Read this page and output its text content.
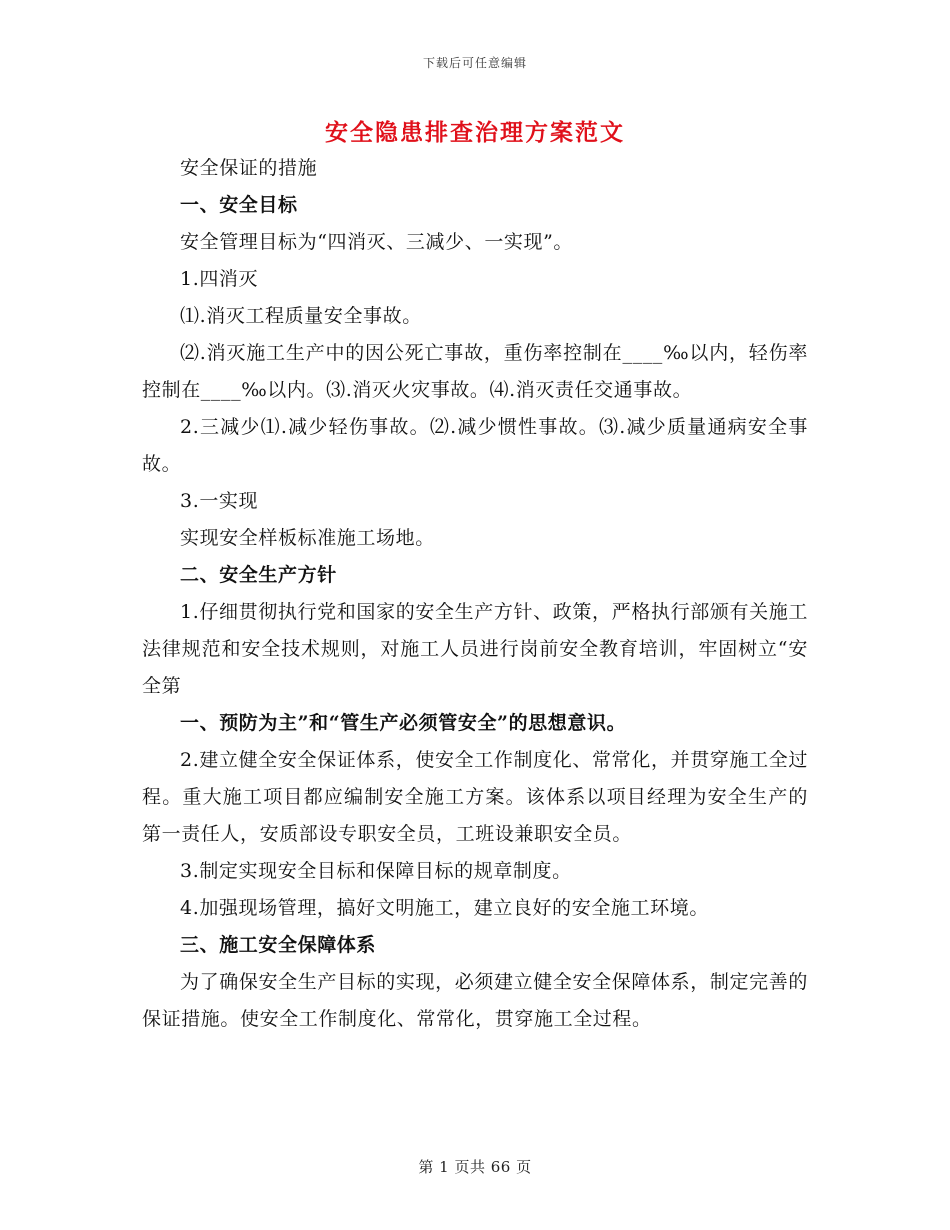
下载后可任意编辑
安全隐患排查治理方案范文

安全保证的措施

一、安全目标

安全管理目标为“四消灭、三减少、一实现”。

1.四消灭

⑴.消灭工程质量安全事故。

⑵.消灭施工生产中的因公死亡事故，重伤率控制在____‰以内，轻伤率控制在____‰以内。⑶.消灭火灾事故。⑷.消灭责任交通事故。

2.三减少⑴.减少轻伤事故。⑵.减少惯性事故。⑶.减少质量通病安全事故。

3.一实现

实现安全样板标准施工场地。

二、安全生产方针

1.仔细贯彻执行党和国家的安全生产方针、政策，严格执行部颁有关施工法律规范和安全技术规则，对施工人员进行岗前安全教育培训，牢固树立“安全第

一、预防为主”和“管生产必须管安全”的思想意识。

2.建立健全安全保证体系，使安全工作制度化、常常化，并贯穿施工全过程。重大施工项目都应编制安全施工方案。该体系以项目经理为安全生产的第一责任人，安质部设专职安全员，工班设兼职安全员。

3.制定实现安全目标和保障目标的规章制度。

4.加强现场管理，搞好文明施工，建立良好的安全施工环境。

三、施工安全保障体系

为了确保安全生产目标的实现，必须建立健全安全保障体系，制定完善的保证措施。使安全工作制度化、常常化，贯穿施工全过程。

第 1 页共 66 页
